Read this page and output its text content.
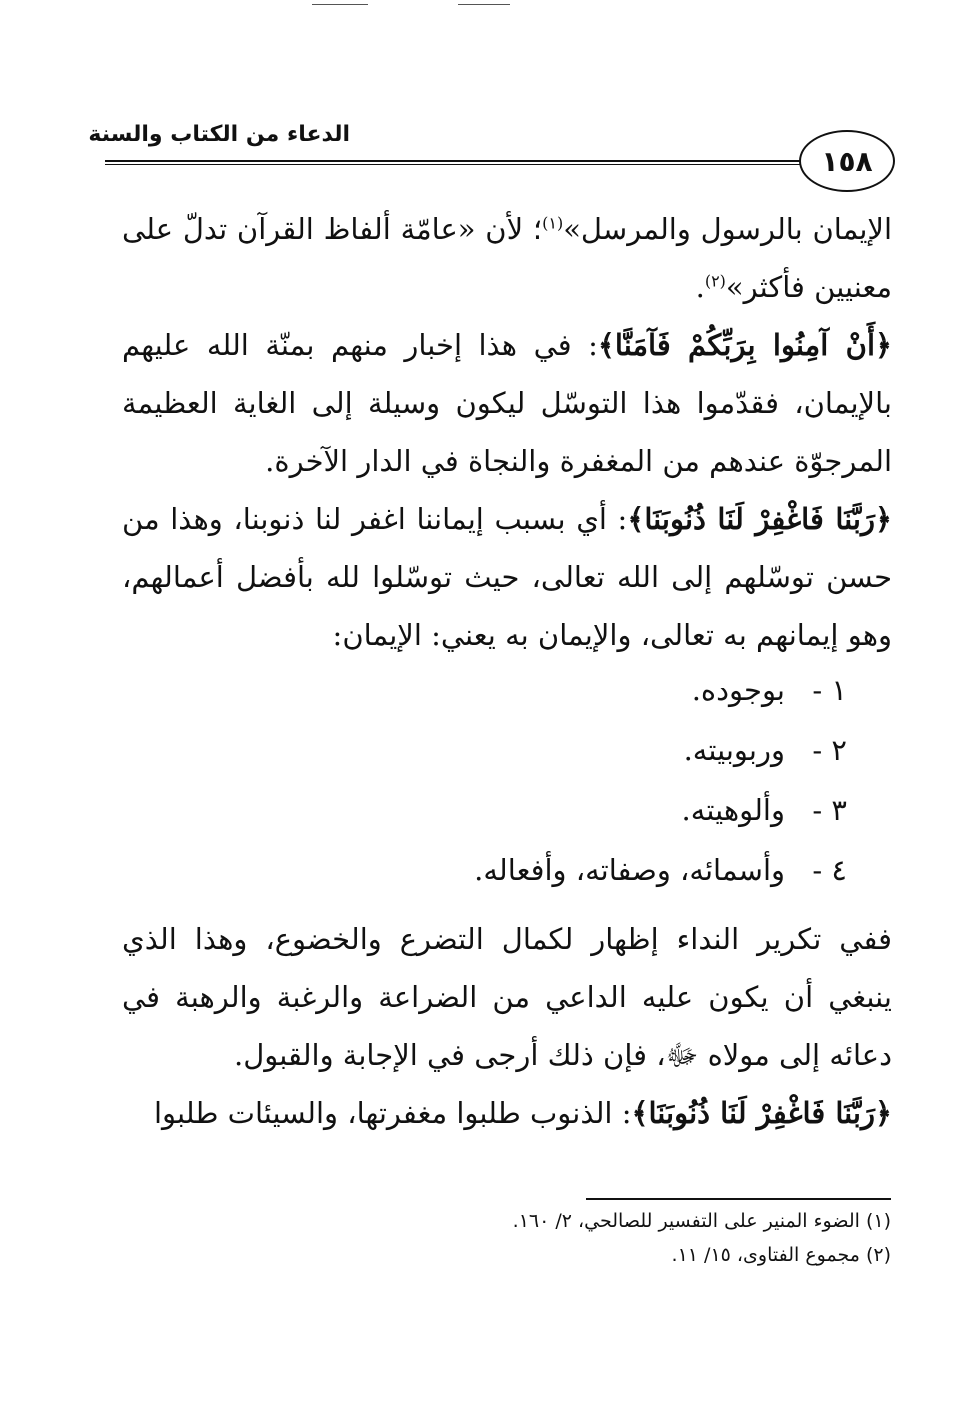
الدعاء من الكتاب والسنة
١٥٨

الإيمان بالرسول والمرسل»$^{(١)}$؛ لأن «عامّة ألفاظ القرآن تدلّ على معنيين فأكثر»$^{(٢)}$.

﴿أَنْ آمِنُوا بِرَبِّكُمْ فَآمَنَّا﴾: في هذا إخبار منهم بمنّة الله عليهم بالإيمان، فقدّموا هذا التوسّل ليكون وسيلة إلى الغاية العظيمة المرجوّة عندهم من المغفرة والنجاة في الدار الآخرة.

﴿رَبَّنَا فَاغْفِرْ لَنَا ذُنُوبَنَا﴾: أي بسبب إيماننا اغفر لنا ذنوبنا، وهذا من حسن توسّلهم إلى الله تعالى، حيث توسّلوا لله بأفضل أعمالهم، وهو إيمانهم به تعالى، والإيمان به يعني: الإيمان:

١ -
بوجوده.
٢ -
وربوبيته.
٣ -
وألوهيته.
٤ -
وأسمائه، وصفاته، وأفعاله.

ففي تكرير النداء إظهار لكمال التضرع والخضوع، وهذا الذي ينبغي أن يكون عليه الداعي من الضراعة والرغبة والرهبة في دعائه إلى مولاه ﷻ، فإن ذلك أرجى في الإجابة والقبول.

﴿رَبَّنَا فَاغْفِرْ لَنَا ذُنُوبَنَا﴾: الذنوب طلبوا مغفرتها، والسيئات طلبوا

(١) الضوء المنير على التفسير للصالحي، ٢/ ١٦٠.
(٢) مجموع الفتاوى، ١٥/ ١١.
